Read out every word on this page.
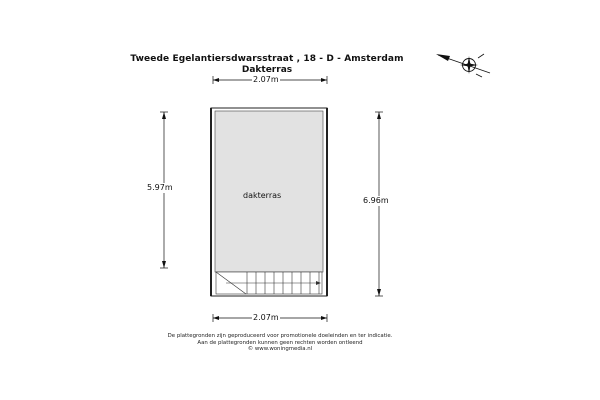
Tweede Egelantiersdwarsstraat , 18 - D - Amsterdam
Dakterras
2.07m
2.07m
5.97m
6.96m
dakterras
De plattegronden zijn geproduceerd voor promotionele doeleinden en ter indicatie.
Aan de plattegronden kunnen geen rechten worden ontleend
© www.woningmedia.nl
